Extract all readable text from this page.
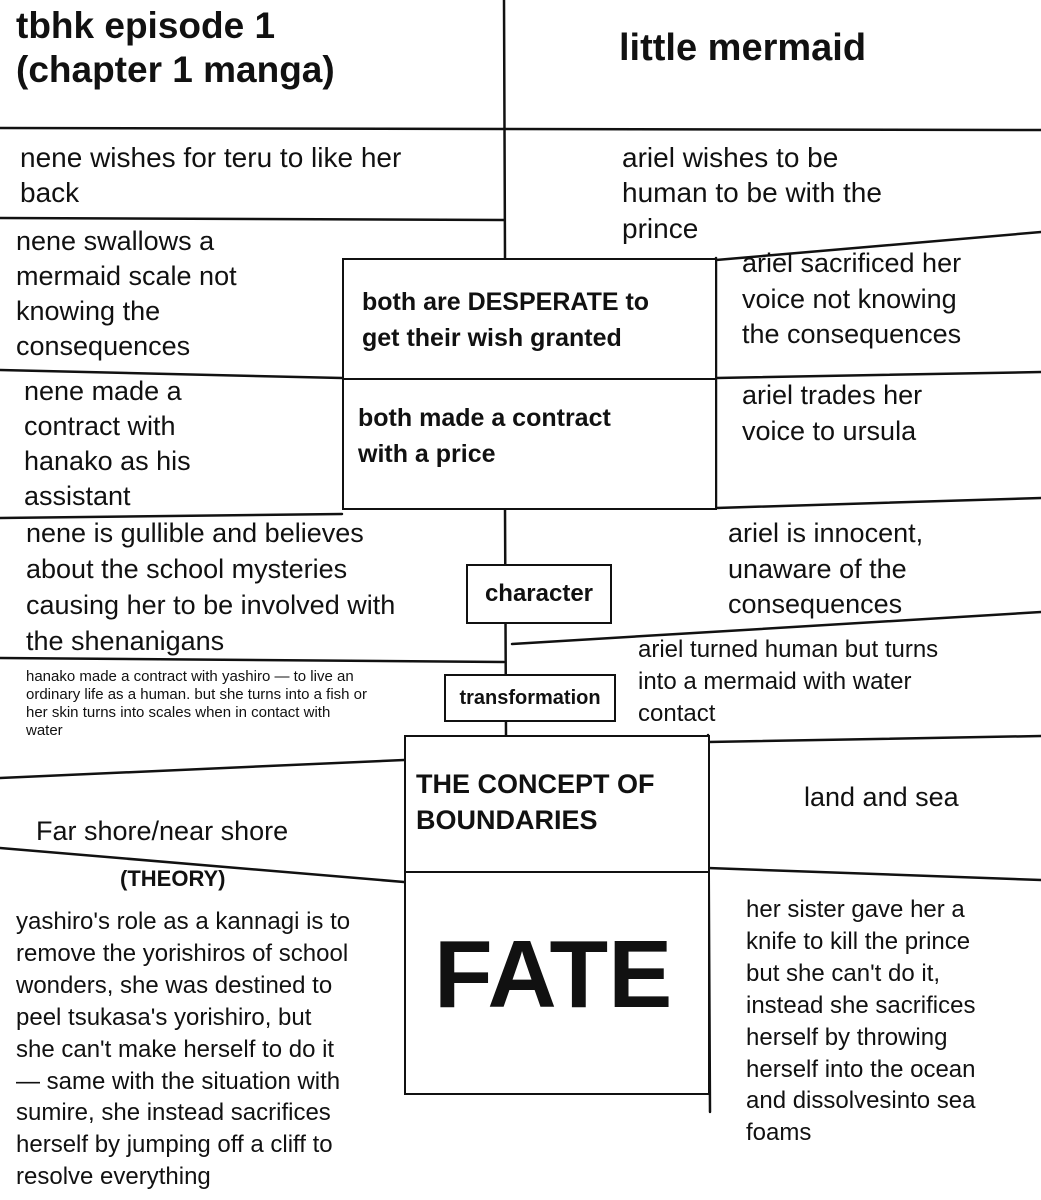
tbhk episode 1
(chapter 1 manga)

little mermaid

nene wishes for teru to like her
back

ariel wishes to be
human to be with the
prince

nene swallows a
mermaid scale not
knowing the
consequences

ariel sacrificed her
voice not knowing
the consequences

nene made a
contract with
hanako as his
assistant

ariel trades her
voice to ursula

nene is gullible and believes
about the school mysteries
causing her to be involved with
the shenanigans

ariel is innocent,
unaware of the
consequences

hanako made a contract with yashiro — to live an
ordinary life as a human. but she turns into a fish or
her skin turns into scales when in contact with
water

ariel turned human but turns
into a mermaid with water
contact

Far shore/near shore

(THEORY)

land and sea

yashiro's role as a kannagi is to
remove the yorishiros of school
wonders, she was destined to
peel tsukasa's yorishiro, but
she can't make herself to do it
— same with the situation with
sumire, she instead sacrifices
herself by jumping off a cliff to
resolve everything

her sister gave her a
knife to kill the prince
but she can't do it,
instead she sacrifices
herself by throwing
herself into the ocean
and dissolvesinto sea
foams

both are DESPERATE to
get their wish granted

both made a contract
with a price

character
transformation

THE CONCEPT OF
BOUNDARIES

FATE
